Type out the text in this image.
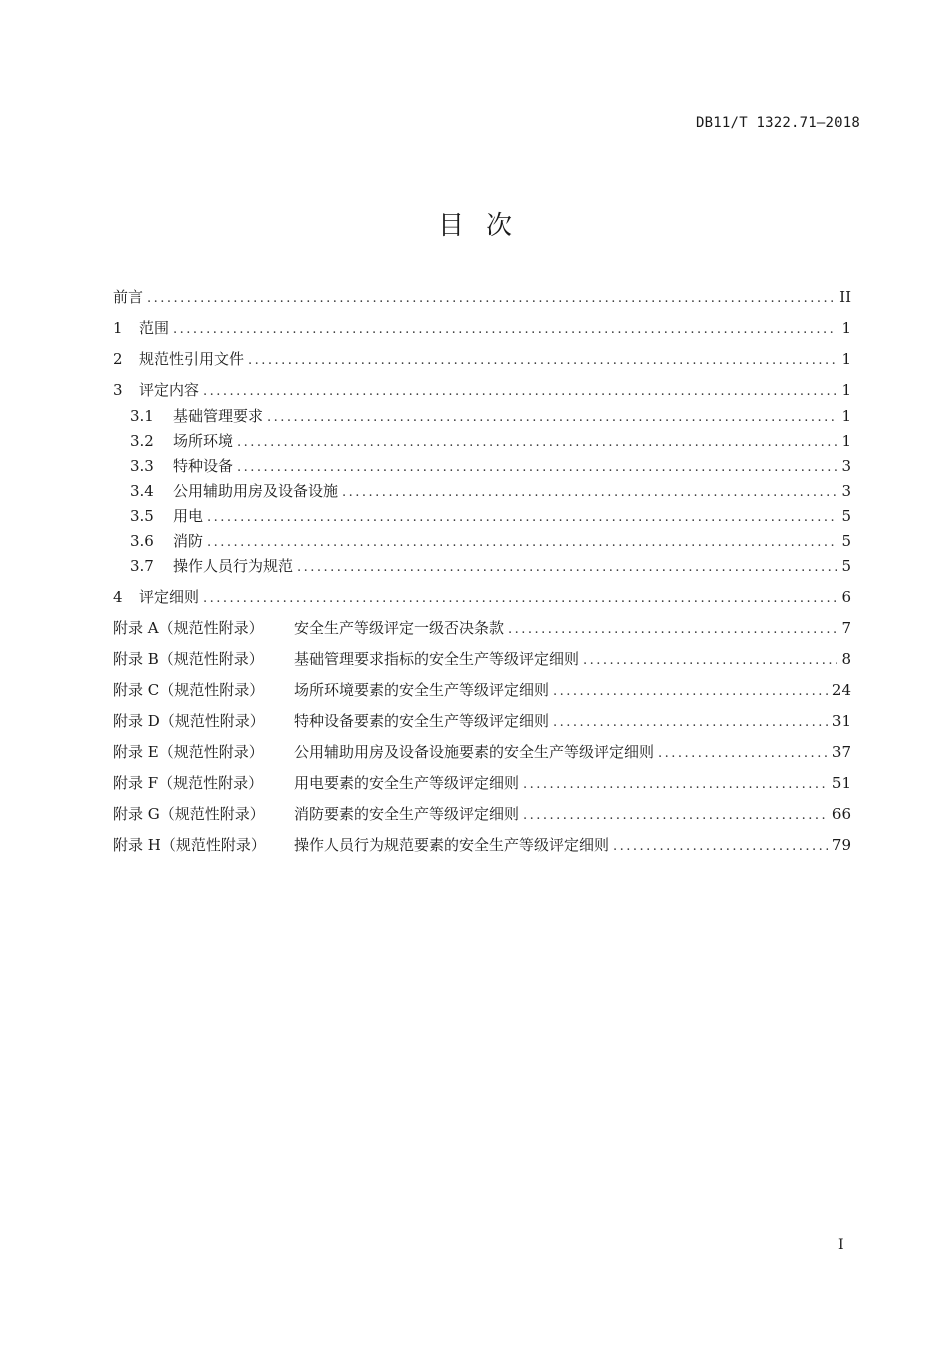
DB11/T 1322.71—2018
目次
前言 .....	II
1	范围 .....	1
2	规范性引用文件 .....	1
3	评定内容 .....	1
3.1	基础管理要求 .....	1
3.2	场所环境 .....	1
3.3	特种设备 .....	3
3.4	公用辅助用房及设备设施 .....	3
3.5	用电 .....	5
3.6	消防 .....	5
3.7	操作人员行为规范 .....	5
4	评定细则 .....	6
附录 A（规范性附录）	安全生产等级评定一级否决条款 .....	7
附录 B（规范性附录）	基础管理要求指标的安全生产等级评定细则 .....	8
附录 C（规范性附录）	场所环境要素的安全生产等级评定细则 .....	24
附录 D（规范性附录）	特种设备要素的安全生产等级评定细则 .....	31
附录 E（规范性附录）	公用辅助用房及设备设施要素的安全生产等级评定细则 .....	37
附录 F（规范性附录）	用电要素的安全生产等级评定细则 .....	51
附录 G（规范性附录）	消防要素的安全生产等级评定细则 .....	66
附录 H（规范性附录）	操作人员行为规范要素的安全生产等级评定细则 .....	79
I
